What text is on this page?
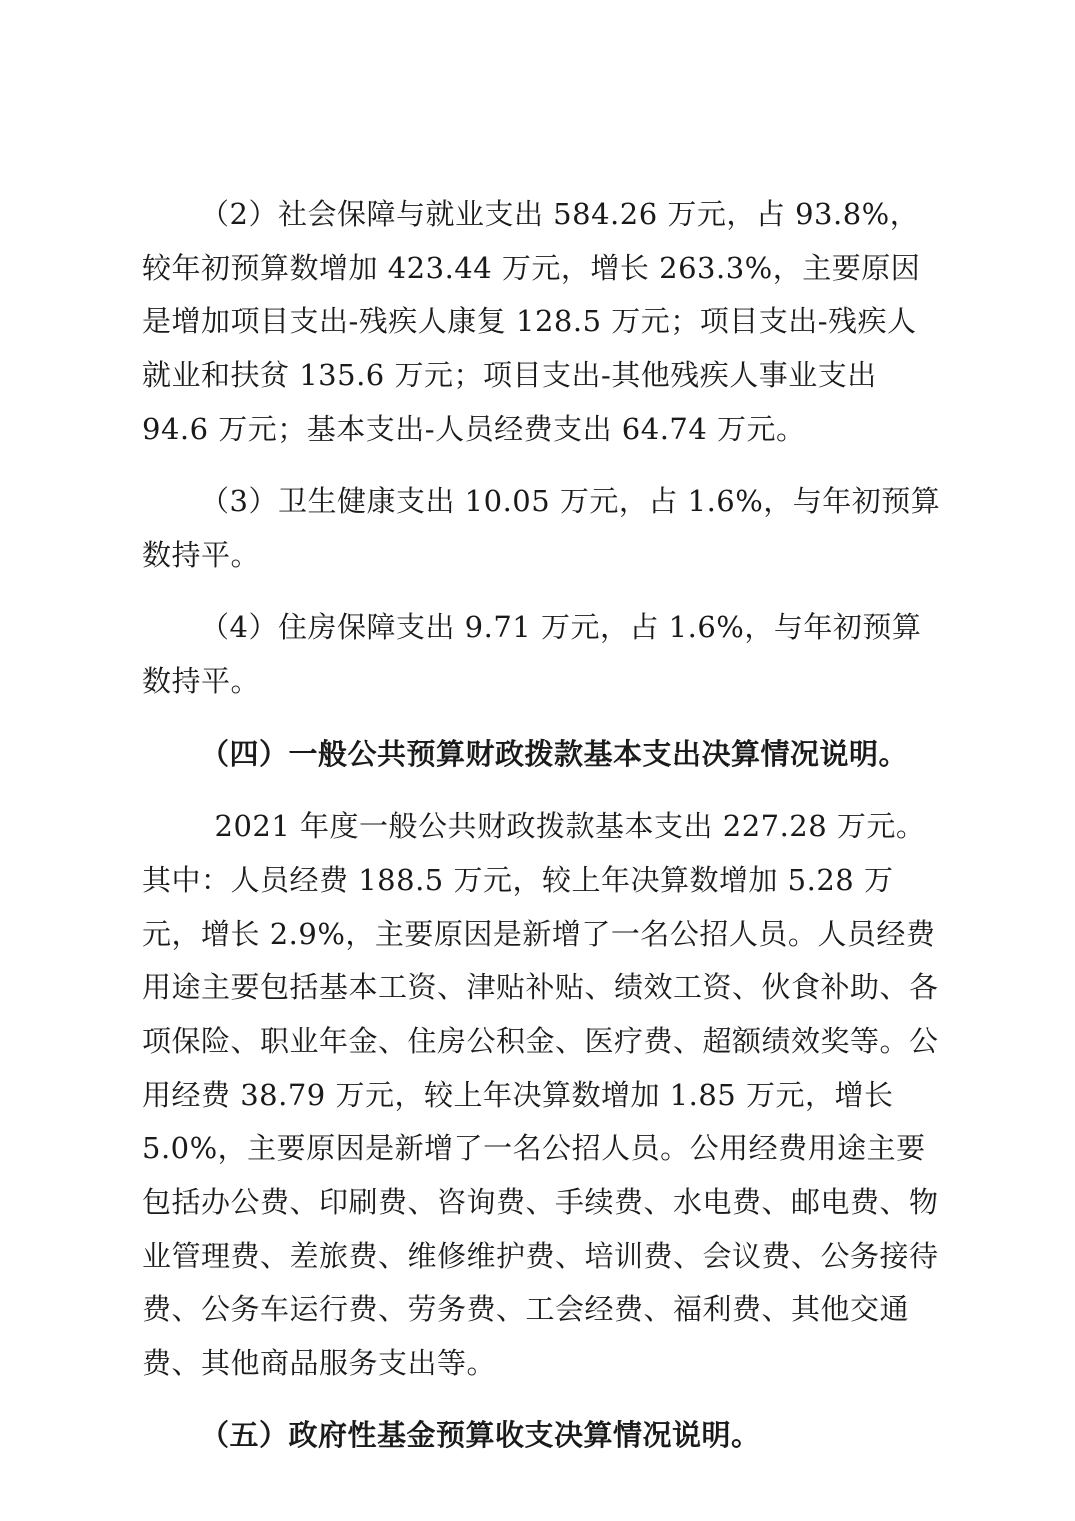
（2）社会保障与就业支出 584.26 万元，占 93.8%，较年初预算数增加 423.44 万元，增长 263.3%，主要原因是增加项目支出-残疾人康复 128.5 万元；项目支出-残疾人就业和扶贫 135.6 万元；项目支出-其他残疾人事业支出 94.6 万元；基本支出-人员经费支出 64.74 万元。

（3）卫生健康支出 10.05 万元，占 1.6%，与年初预算数持平。

（4）住房保障支出 9.71 万元，占 1.6%，与年初预算数持平。

（四）一般公共预算财政拨款基本支出决算情况说明。

2021 年度一般公共财政拨款基本支出 227.28 万元。其中：人员经费 188.5 万元，较上年决算数增加 5.28 万元，增长 2.9%，主要原因是新增了一名公招人员。人员经费用途主要包括基本工资、津贴补贴、绩效工资、伙食补助、各项保险、职业年金、住房公积金、医疗费、超额绩效奖等。公用经费 38.79 万元，较上年决算数增加 1.85 万元，增长 5.0%，主要原因是新增了一名公招人员。公用经费用途主要包括办公费、印刷费、咨询费、手续费、水电费、邮电费、物业管理费、差旅费、维修维护费、培训费、会议费、公务接待费、公务车运行费、劳务费、工会经费、福利费、其他交通费、其他商品服务支出等。

（五）政府性基金预算收支决算情况说明。
